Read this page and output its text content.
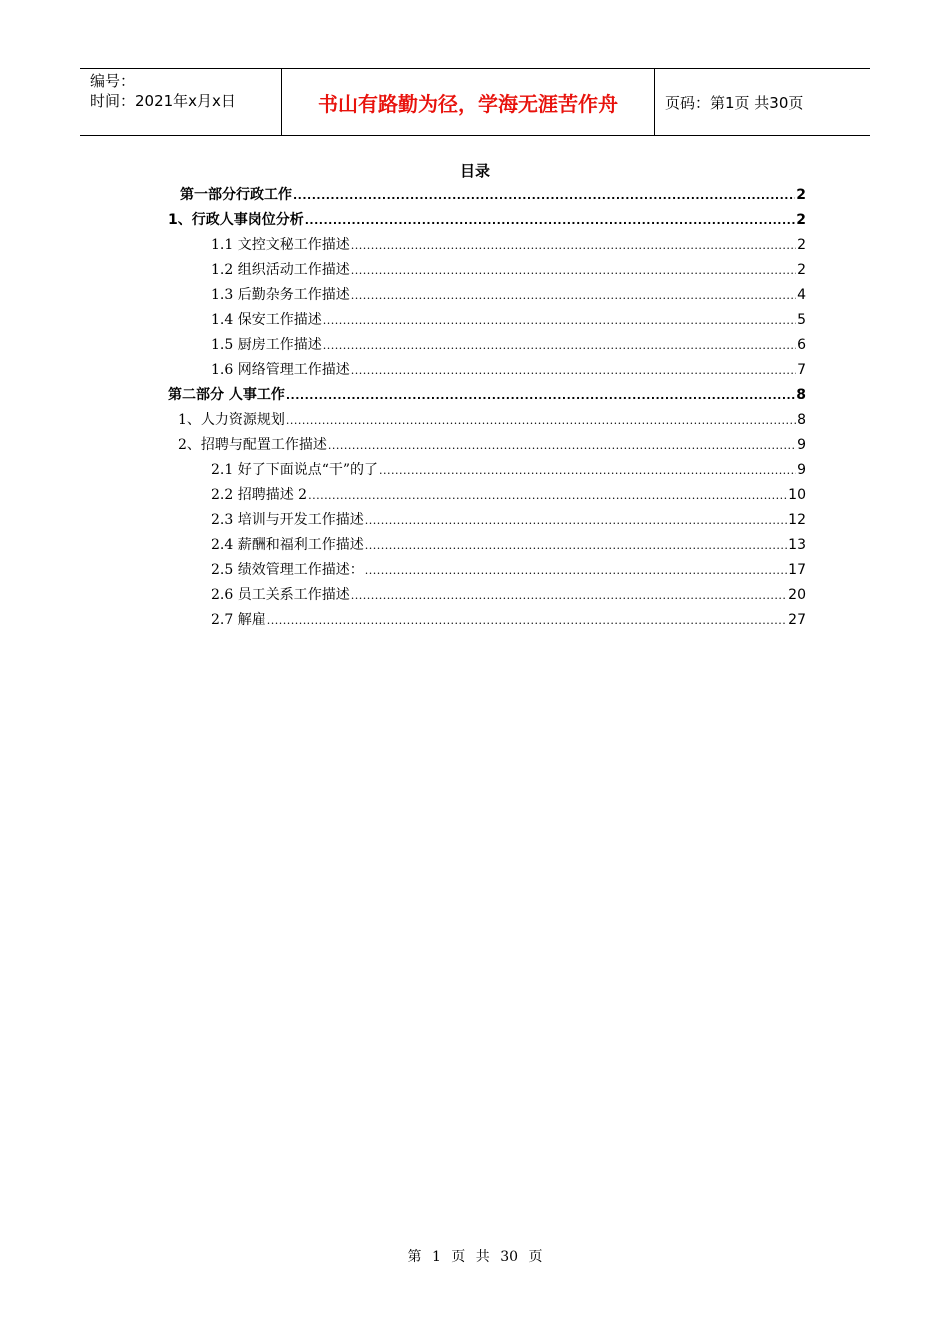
编号：
时间：2021年x月x日	书山有路勤为径，学海无涯苦作舟	页码：第1页 共30页
目录
第一部分行政工作 .....	2
1、行政人事岗位分析 .....	2
1.1 文控文秘工作描述 .....	2
1.2 组织活动工作描述 .....	2
1.3 后勤杂务工作描述 .....	4
1.4 保安工作描述 .....	5
1.5 厨房工作描述 .....	6
1.6 网络管理工作描述 .....	7
第二部分 人事工作 .....	8
1、人力资源规划 .....	8
2、招聘与配置工作描述 .....	9
2.1 好了下面说点“干”的了 .....	9
2.2 招聘描述 2 .....	10
2.3 培训与开发工作描述 .....	12
2.4 薪酬和福利工作描述 .....	13
2.5 绩效管理工作描述： .....	17
2.6 员工关系工作描述 .....	20
2.7 解雇 .....	27
第 1 页 共 30 页
